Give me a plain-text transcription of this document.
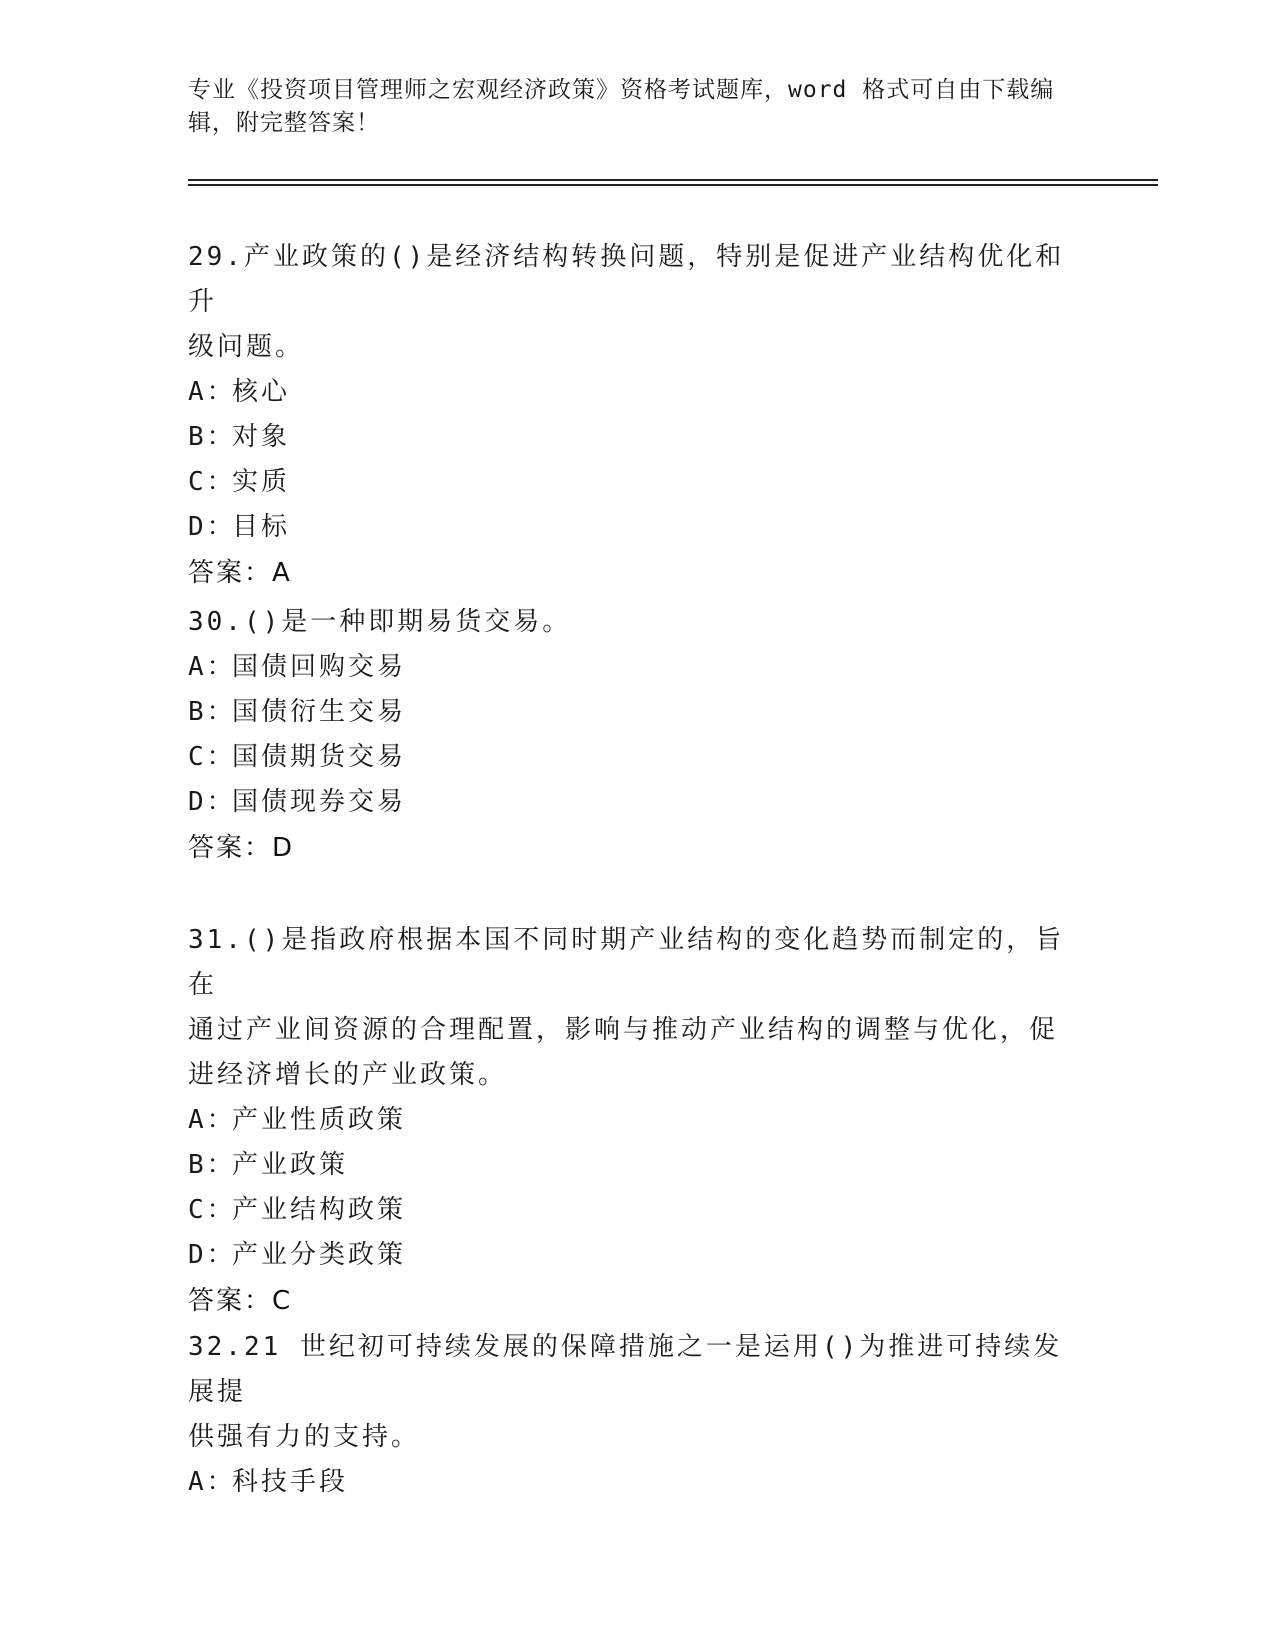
专业《投资项目管理师之宏观经济政策》资格考试题库，word 格式可自由下载编
辑，附完整答案！

29.产业政策的()是经济结构转换问题，特别是促进产业结构优化和升

级问题。

A：
核心

B：
对象

C：
实质

D：
目标

答案：A

30.()是一种即期易货交易。

A：
国债回购交易

B：
国债衍生交易

C：
国债期货交易

D：
国债现券交易

答案：D

31.()是指政府根据本国不同时期产业结构的变化趋势而制定的，旨在

通过产业间资源的合理配置，影响与推动产业结构的调整与优化，促

进经济增长的产业政策。

A：
产业性质政策

B：
产业政策

C：
产业结构政策

D：
产业分类政策

答案：C

32.21 世纪初可持续发展的保障措施之一是运用()为推进可持续发展提

供强有力的支持。

A：
科技手段
